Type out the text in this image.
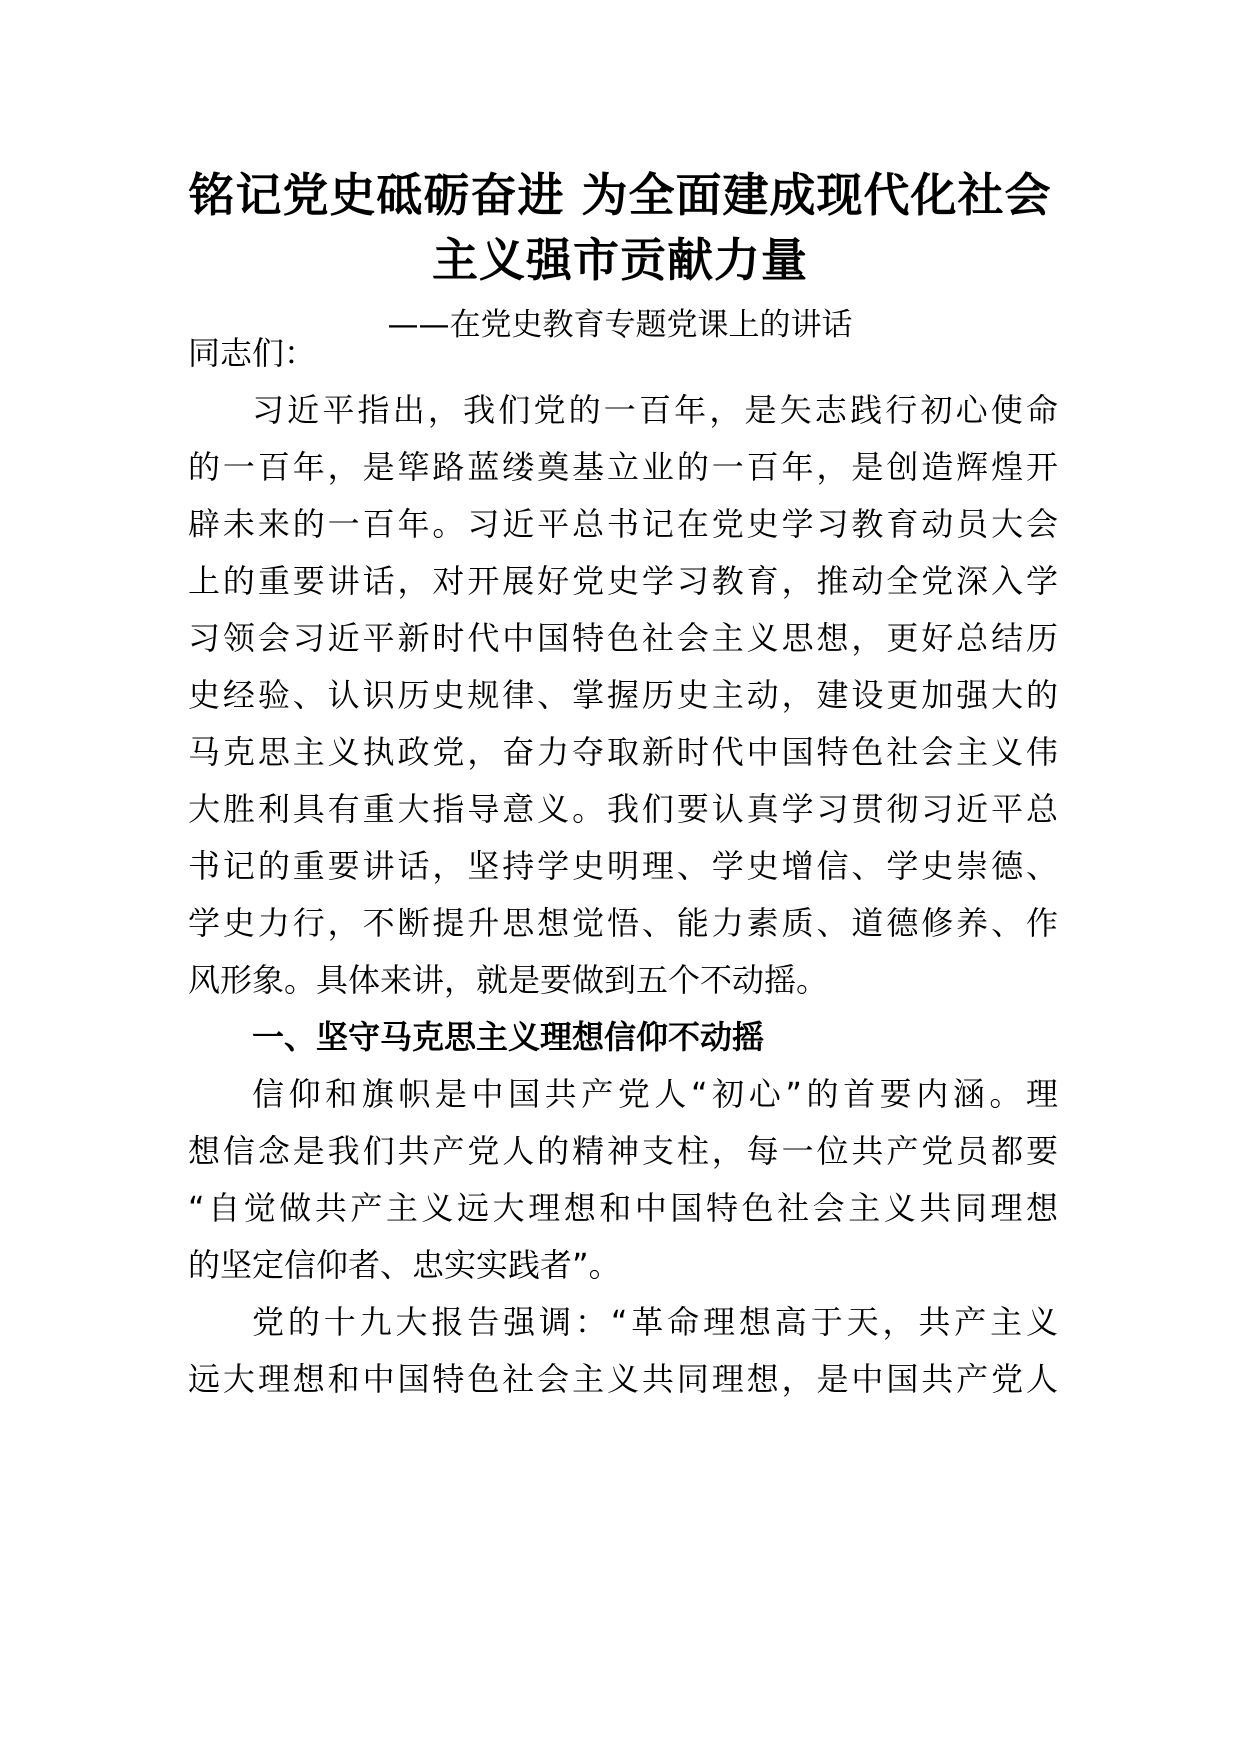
铭记党史砥砺奋进 为全面建成现代化社会
主义强市贡献力量
——在党史教育专题党课上的讲话
同志们：
习近平指出，我们党的一百年，是矢志践行初心使命
的一百年，是筚路蓝缕奠基立业的一百年，是创造辉煌开
辟未来的一百年。习近平总书记在党史学习教育动员大会
上的重要讲话，对开展好党史学习教育，推动全党深入学
习领会习近平新时代中国特色社会主义思想，更好总结历
史经验、认识历史规律、掌握历史主动，建设更加强大的
马克思主义执政党，奋力夺取新时代中国特色社会主义伟
大胜利具有重大指导意义。我们要认真学习贯彻习近平总
书记的重要讲话，坚持学史明理、学史增信、学史崇德、
学史力行，不断提升思想觉悟、能力素质、道德修养、作
风形象。具体来讲，就是要做到五个不动摇。
一、坚守马克思主义理想信仰不动摇
信仰和旗帜是中国共产党人“初心”的首要内涵。理
想信念是我们共产党人的精神支柱，每一位共产党员都要
“自觉做共产主义远大理想和中国特色社会主义共同理想
的坚定信仰者、忠实实践者”。
党的十九大报告强调：“革命理想高于天，共产主义
远大理想和中国特色社会主义共同理想，是中国共产党人
